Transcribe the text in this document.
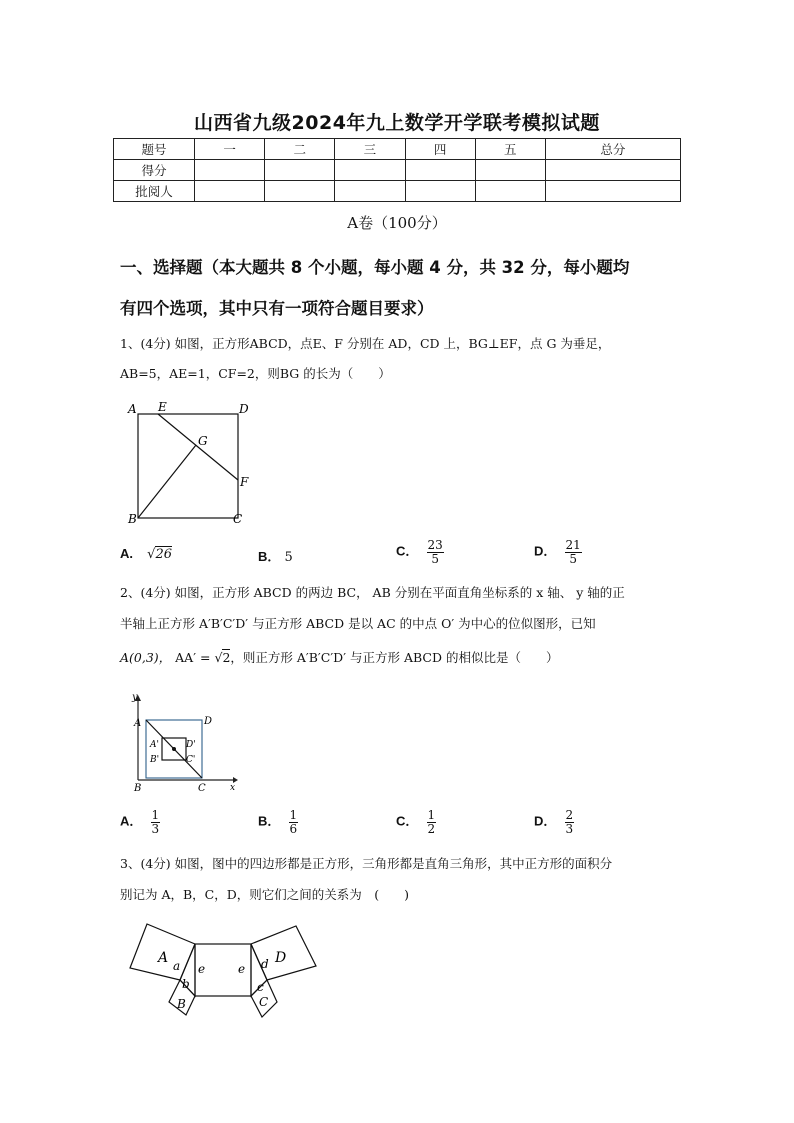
山西省九级2024年九上数学开学联考模拟试题
题号	一	二	三	四	五	总分
得分						
批阅人						
A卷（100分）
一、选择题（本大题共 8 个小题，每小题 4 分，共 32 分，每小题均
有四个选项，其中只有一项符合题目要求）
1、(4分) 如图，正方形ABCD，点E、F 分别在 AD，CD 上，BG⊥EF，点 G 为垂足，
AB=5，AE=1，CF=2，则BG 的长为（　　）
A E	D
G
F
B	C
A. √26	B． 5	C． $\frac{23}{5}$	D． $\frac{21}{5}$
2、(4分) 如图，正方形 ABCD 的两边 BC， AB 分别在平面直角坐标系的 x 轴、 y 轴的正
半轴上正方形 A′B′C′D′ 与正方形 ABCD 是以 AC 的中点 O′ 为中心的位似图形，已知
A(0,3)， AA′ = √2，则正方形 A′B′C′D′ 与正方形 ABCD 的相似比是（　　）
y
A	D
A'	D'
B'	C'
B	C	x
A． $\frac{1}{3}$	B． $\frac{1}{6}$	C． $\frac{1}{2}$	D． $\frac{2}{3}$
3、(4分) 如图，图中的四边形都是正方形，三角形都是直角三角形，其中正方形的面积分
别记为 A，B，C，D，则它们之间的关系为　(　　)
A a
b
B
e	e d D
c
C
